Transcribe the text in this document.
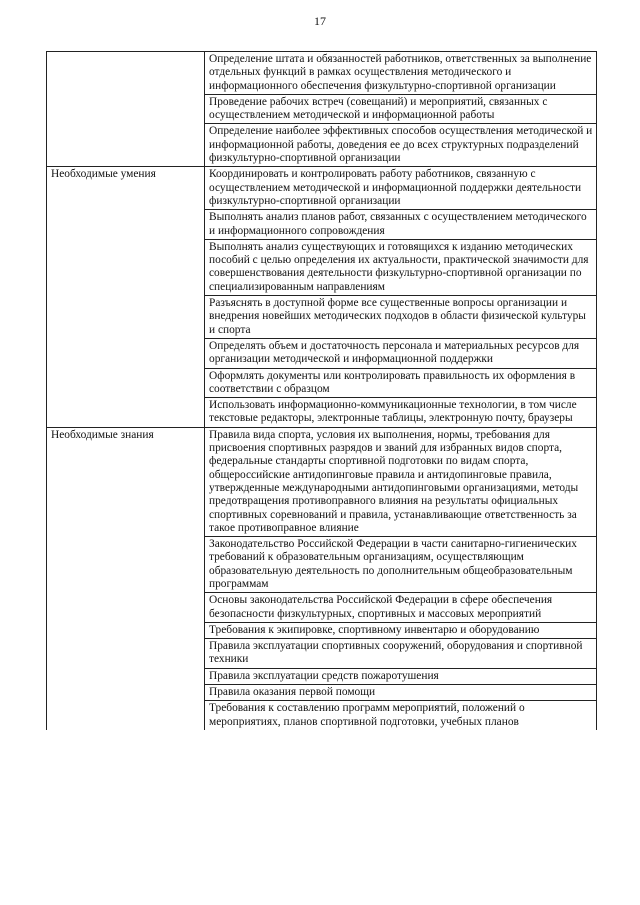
17
	Определение штата и обязанностей работников, ответственных за выполнение отдельных функций в рамках осуществления методического и информационного обеспечения физкультурно-спортивной организации
	Проведение рабочих встреч (совещаний) и мероприятий, связанных с осуществлением методической и информационной работы
	Определение наиболее эффективных способов осуществления методической и информационной работы, доведения ее до всех структурных подразделений физкультурно-спортивной организации
Необходимые умения	Координировать и контролировать работу работников, связанную с осуществлением методической и информационной поддержки деятельности физкультурно-спортивной организации
	Выполнять анализ планов работ, связанных с осуществлением методического и информационного сопровождения
	Выполнять анализ существующих и готовящихся к изданию методических пособий с целью определения их актуальности, практической значимости для совершенствования деятельности физкультурно-спортивной организации по специализированным направлениям
	Разъяснять в доступной форме все существенные вопросы организации и внедрения новейших методических подходов в области физической культуры и спорта
	Определять объем и достаточность персонала и материальных ресурсов для организации методической и информационной поддержки
	Оформлять документы или контролировать правильность их оформления в соответствии с образцом
	Использовать информационно-коммуникационные технологии, в том числе текстовые редакторы, электронные таблицы, электронную почту, браузеры
Необходимые знания	Правила вида спорта, условия их выполнения, нормы, требования для присвоения спортивных разрядов и званий для избранных видов спорта, федеральные стандарты спортивной подготовки по видам спорта, общероссийские антидопинговые правила и антидопинговые правила, утвержденные международными антидопинговыми организациями, методы предотвращения противоправного влияния на результаты официальных спортивных соревнований и правила, устанавливающие ответственность за такое противоправное влияние
	Законодательство Российской Федерации в части санитарно-гигиенических требований к образовательным организациям, осуществляющим образовательную деятельность по дополнительным общеобразовательным программам
	Основы законодательства Российской Федерации в сфере обеспечения безопасности физкультурных, спортивных и массовых мероприятий
	Требования к экипировке, спортивному инвентарю и оборудованию
	Правила эксплуатации спортивных сооружений, оборудования и спортивной техники
	Правила эксплуатации средств пожаротушения
	Правила оказания первой помощи
	Требования к составлению программ мероприятий, положений о мероприятиях, планов спортивной подготовки, учебных планов
